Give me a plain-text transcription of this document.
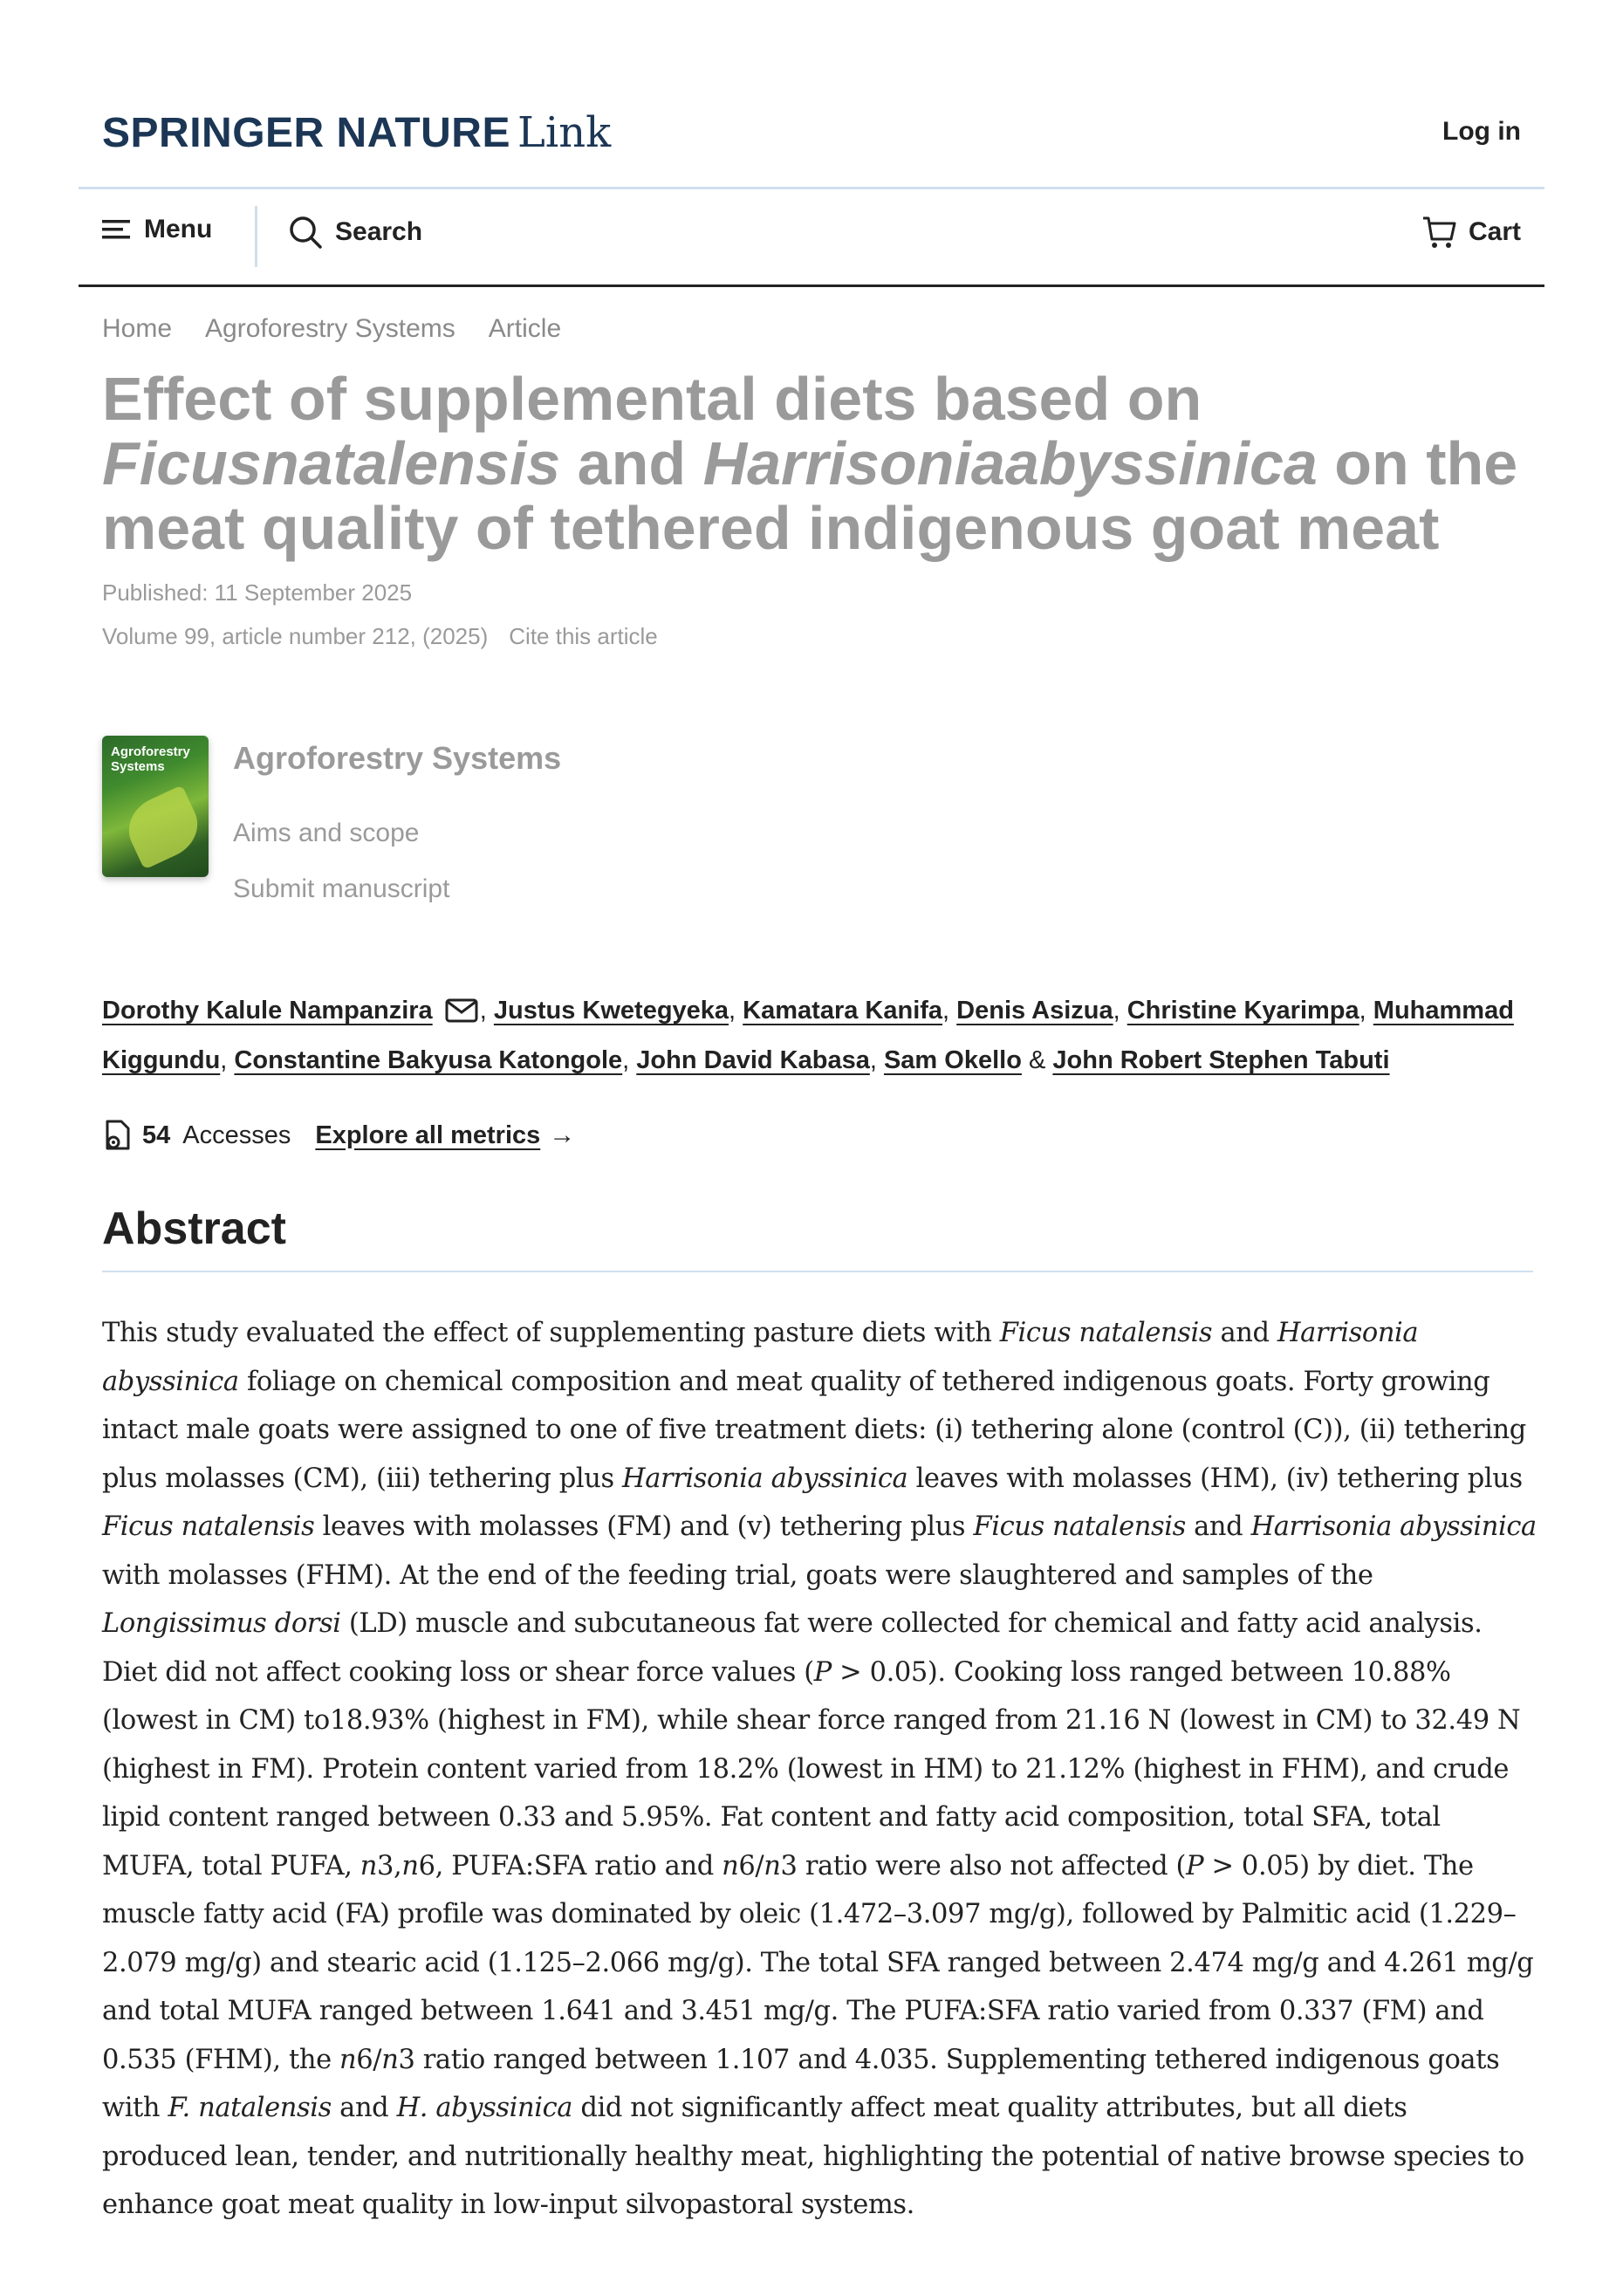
SPRINGER NATURE Link	Log in
Menu	Search	Cart
Home Agroforestry Systems Article
Effect of supplemental diets based on Ficusnatalensis and Harrisoniaabyssinica on the meat quality of tethered indigenous goat meat
Published: 11 September 2025
Volume 99, article number 212, (2025) Cite this article
Agroforestry Systems	Agroforestry Systems
Aims and scope
Submit manuscript
Dorothy Kalule Nampanzira , Justus Kwetegyeka, Kamatara Kanifa, Denis Asizua, Christine Kyarimpa, Muhammad Kiggundu, Constantine Bakyusa Katongole, John David Kabasa, Sam Okello & John Robert Stephen Tabuti
54 Accesses Explore all metrics →
Abstract

This study evaluated the effect of supplementing pasture diets with Ficus natalensis and Harrisonia abyssinica foliage on chemical composition and meat quality of tethered indigenous goats. Forty growing intact male goats were assigned to one of five treatment diets: (i) tethering alone (control (C)), (ii) tethering plus molasses (CM), (iii) tethering plus Harrisonia abyssinica leaves with molasses (HM), (iv) tethering plus Ficus natalensis leaves with molasses (FM) and (v) tethering plus Ficus natalensis and Harrisonia abyssinica with molasses (FHM). At the end of the feeding trial, goats were slaughtered and samples of the Longissimus dorsi (LD) muscle and subcutaneous fat were collected for chemical and fatty acid analysis. Diet did not affect cooking loss or shear force values (P > 0.05). Cooking loss ranged between 10.88% (lowest in CM) to18.93% (highest in FM), while shear force ranged from 21.16 N (lowest in CM) to 32.49 N (highest in FM). Protein content varied from 18.2% (lowest in HM) to 21.12% (highest in FHM), and crude lipid content ranged between 0.33 and 5.95%. Fat content and fatty acid composition, total SFA, total MUFA, total PUFA, n3,n6, PUFA:SFA ratio and n6/n3 ratio were also not affected (P > 0.05) by diet. The muscle fatty acid (FA) profile was dominated by oleic (1.472–3.097 mg/g), followed by Palmitic acid (1.229–2.079 mg/g) and stearic acid (1.125–2.066 mg/g). The total SFA ranged between 2.474 mg/g and 4.261 mg/g and total MUFA ranged between 1.641 and 3.451 mg/g. The PUFA:SFA ratio varied from 0.337 (FM) and 0.535 (FHM), the n6/n3 ratio ranged between 1.107 and 4.035. Supplementing tethered indigenous goats with F. natalensis and H. abyssinica did not significantly affect meat quality attributes, but all diets produced lean, tender, and nutritionally healthy meat, highlighting the potential of native browse species to enhance goat meat quality in low-input silvopastoral systems.
